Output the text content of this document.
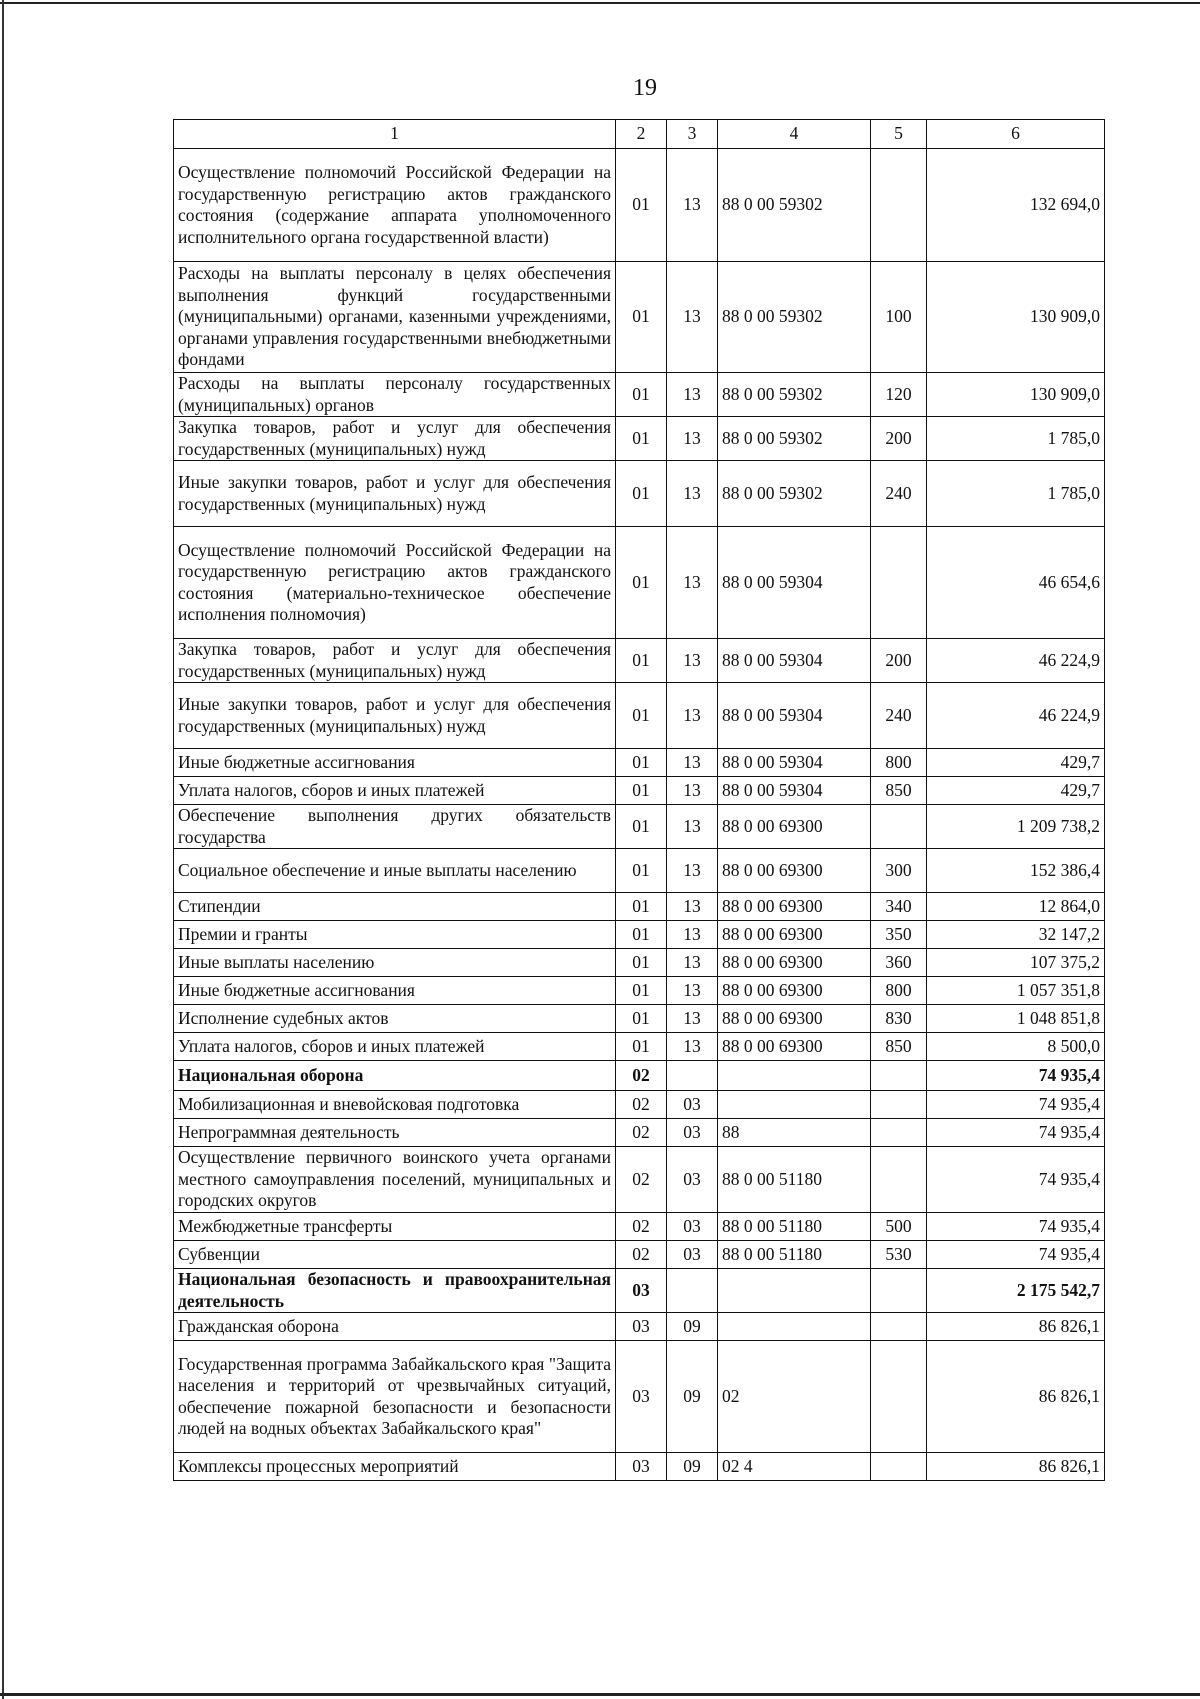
19
1	2	3	4	5	6
Осуществление полномочий Российской Федерации на государственную регистрацию актов гражданского состояния (содержание аппарата уполномоченного исполнительного органа государственной власти)	01	13	88 0 00 59302		132 694,0
Расходы на выплаты персоналу в целях обеспечения выполнения функций государственными (муниципальными) органами, казенными учреждениями, органами управления государственными внебюджетными фондами	01	13	88 0 00 59302	100	130 909,0
Расходы на выплаты персоналу государственных (муниципальных) органов	01	13	88 0 00 59302	120	130 909,0
Закупка товаров, работ и услуг для обеспечения государственных (муниципальных) нужд	01	13	88 0 00 59302	200	1 785,0
Иные закупки товаров, работ и услуг для обеспечения государственных (муниципальных) нужд	01	13	88 0 00 59302	240	1 785,0
Осуществление полномочий Российской Федерации на государственную регистрацию актов гражданского состояния (материально-техническое обеспечение исполнения полномочия)	01	13	88 0 00 59304		46 654,6
Закупка товаров, работ и услуг для обеспечения государственных (муниципальных) нужд	01	13	88 0 00 59304	200	46 224,9
Иные закупки товаров, работ и услуг для обеспечения государственных (муниципальных) нужд	01	13	88 0 00 59304	240	46 224,9
Иные бюджетные ассигнования	01	13	88 0 00 59304	800	429,7
Уплата налогов, сборов и иных платежей	01	13	88 0 00 59304	850	429,7
Обеспечение выполнения других обязательств государства	01	13	88 0 00 69300		1 209 738,2
Социальное обеспечение и иные выплаты населению	01	13	88 0 00 69300	300	152 386,4
Стипендии	01	13	88 0 00 69300	340	12 864,0
Премии и гранты	01	13	88 0 00 69300	350	32 147,2
Иные выплаты населению	01	13	88 0 00 69300	360	107 375,2
Иные бюджетные ассигнования	01	13	88 0 00 69300	800	1 057 351,8
Исполнение судебных актов	01	13	88 0 00 69300	830	1 048 851,8
Уплата налогов, сборов и иных платежей	01	13	88 0 00 69300	850	8 500,0
Национальная оборона	02				74 935,4
Мобилизационная и вневойсковая подготовка	02	03			74 935,4
Непрограммная деятельность	02	03	88		74 935,4
Осуществление первичного воинского учета органами местного самоуправления поселений, муниципальных и городских округов	02	03	88 0 00 51180		74 935,4
Межбюджетные трансферты	02	03	88 0 00 51180	500	74 935,4
Субвенции	02	03	88 0 00 51180	530	74 935,4
Национальная безопасность и правоохранительная деятельность	03				2 175 542,7
Гражданская оборона	03	09			86 826,1
Государственная программа Забайкальского края "Защита населения и территорий от чрезвычайных ситуаций, обеспечение пожарной безопасности и безопасности людей на водных объектах Забайкальского края"	03	09	02		86 826,1
Комплексы процессных мероприятий	03	09	02 4		86 826,1
